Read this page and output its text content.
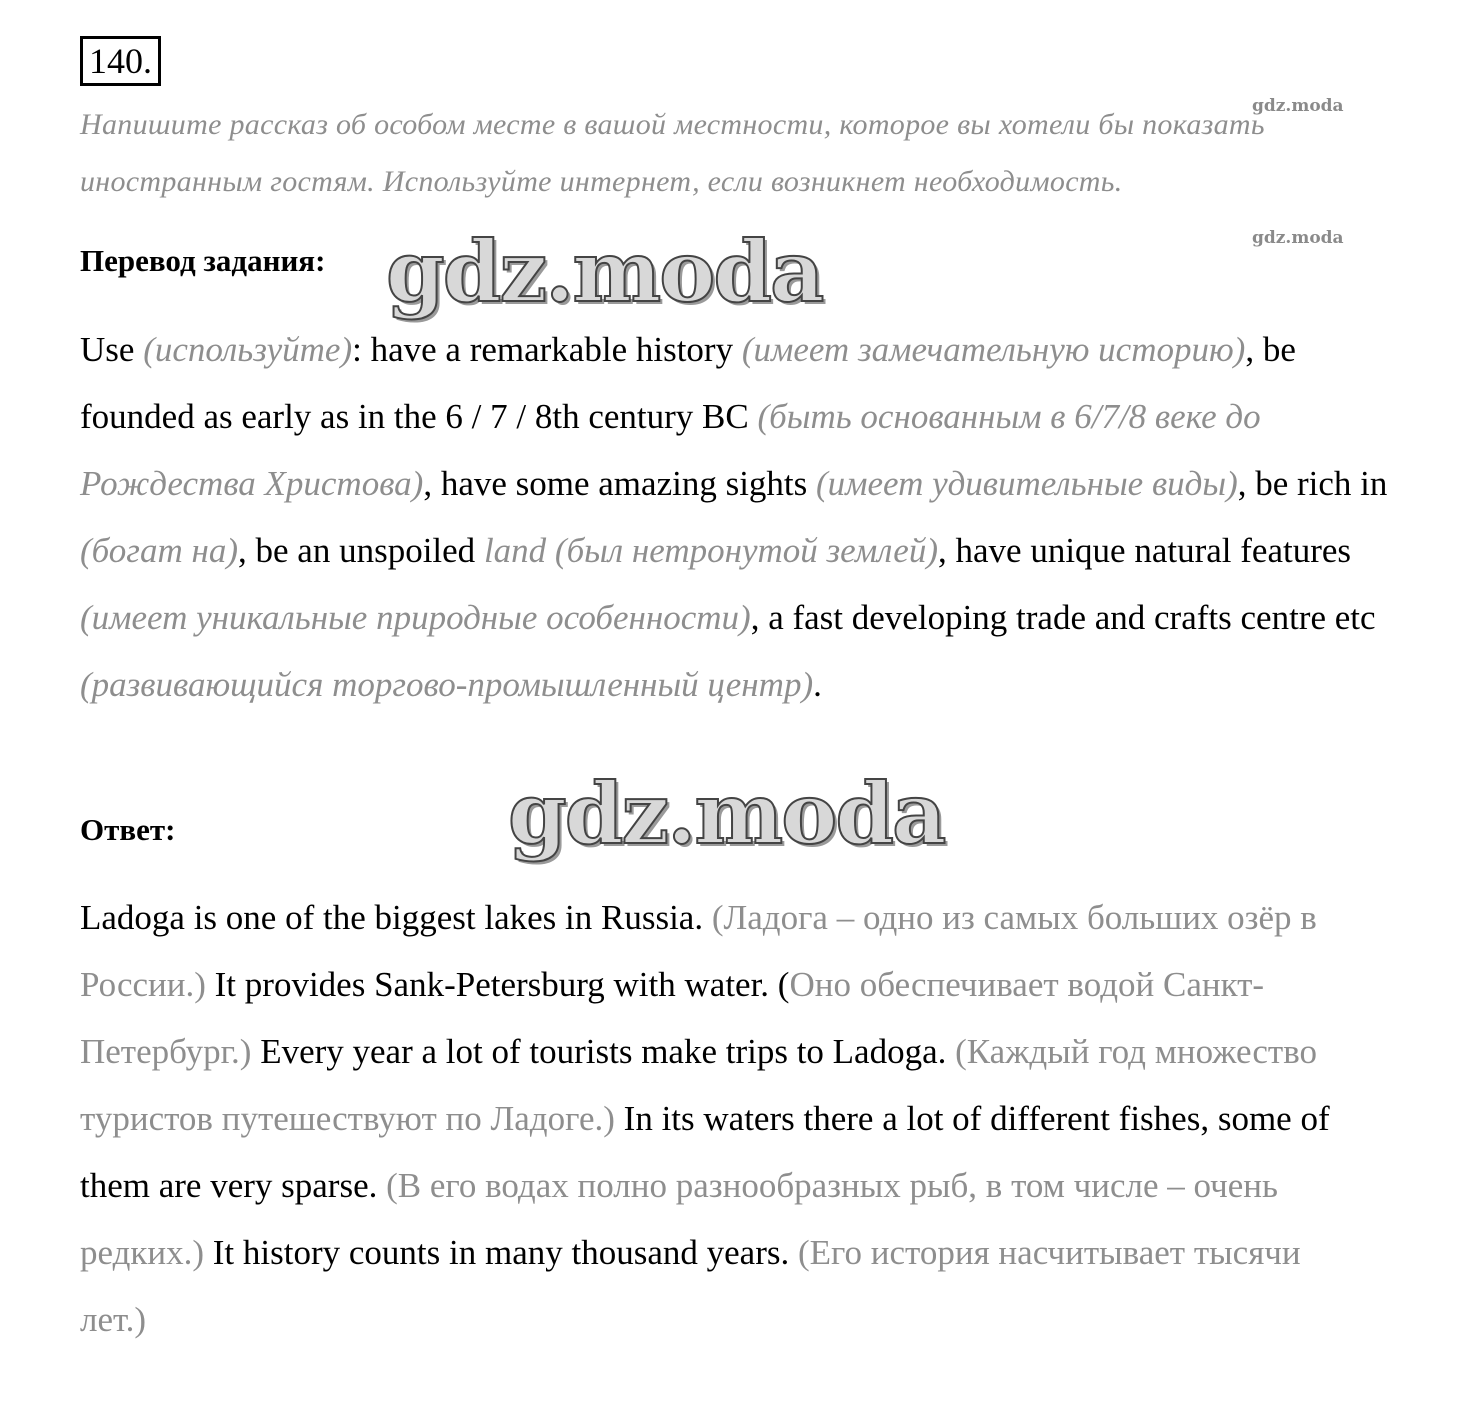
140.
gdz.moda
gdz.moda
Напишите рассказ об особом месте в вашой местности, которое вы хотели бы показать иностранным гостям. Используйте интернет, если возникнет необходимость.
Перевод задания: gdz.moda
Use (используйте): have a remarkable history (имеет замечательную историю), be founded as early as in the 6 / 7 / 8th century BC (быть основанным в 6/7/8 веке до Рождества Христова), have some amazing sights (имеет удивительные виды), be rich in (богат на), be an unspoiled land (был нетронутой землей), have unique natural features (имеет уникальные природные особенности), a fast developing trade and crafts centre etc (развивающийся торгово-промышленный центр).
Ответ:	gdz.moda
Ladoga is one of the biggest lakes in Russia. (Ладога – одно из самых больших озёр в России.) It provides Sank-Petersburg with water. (Оно обеспечивает водой Санкт-Петербург.) Every year a lot of tourists make trips to Ladoga. (Каждый год множество туристов путешествуют по Ладоге.) In its waters there a lot of different fishes, some of them are very sparse. (В его водах полно разнообразных рыб, в том числе – очень редких.) It history counts in many thousand years. (Его история насчитывает тысячи лет.)
